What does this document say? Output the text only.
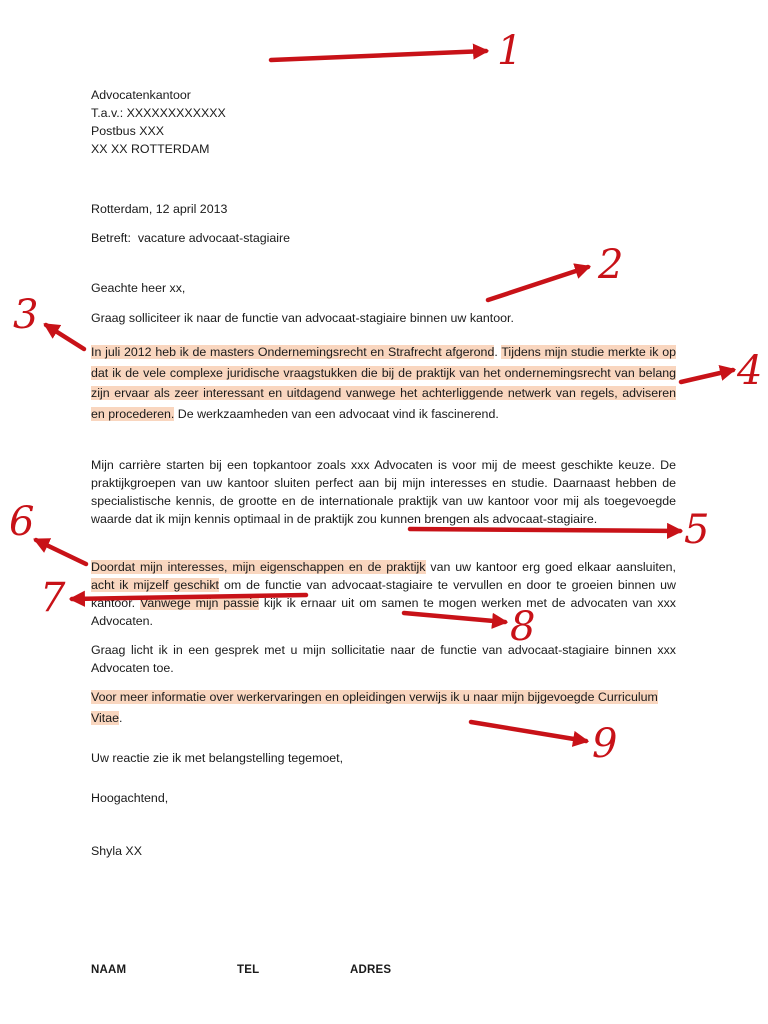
Advocatenkantoor
T.a.v.: XXXXXXXXXXXX
Postbus XXX
XX XX ROTTERDAM

Rotterdam, 12 april 2013

Betreft:  vacature advocaat-stagiaire

Geachte heer xx,

Graag solliciteer ik naar de functie van advocaat-stagiaire binnen uw kantoor.

In juli 2012 heb ik de masters Ondernemingsrecht en Strafrecht afgerond. Tijdens mijn studie merkte ik op dat ik de vele complexe juridische vraagstukken die bij de praktijk van het ondernemingsrecht van belang zijn ervaar als zeer interessant en uitdagend vanwege het achterliggende netwerk van regels, adviseren en procederen. De werkzaamheden van een advocaat vind ik fascinerend.

Mijn carrière starten bij een topkantoor zoals xxx Advocaten is voor mij de meest geschikte keuze. De praktijkgroepen van uw kantoor sluiten perfect aan bij mijn interesses en studie. Daarnaast hebben de specialistische kennis, de grootte en de internationale praktijk van uw kantoor voor mij als toegevoegde waarde dat ik mijn kennis optimaal in de praktijk zou kunnen brengen als advocaat-stagiaire.

Doordat mijn interesses, mijn eigenschappen en de praktijk van uw kantoor erg goed elkaar aansluiten, acht ik mijzelf geschikt om de functie van advocaat-stagiaire te vervullen en door te groeien binnen uw kantoor. Vanwege mijn passie kijk ik ernaar uit om samen te mogen werken met de advocaten van xxx Advocaten.

Graag licht ik in een gesprek met u mijn sollicitatie naar de functie van advocaat-stagiaire binnen xxx Advocaten toe.

Voor meer informatie over werkervaringen en opleidingen verwijs ik u naar mijn bijgevoegde Curriculum Vitae.

Uw reactie zie ik met belangstelling tegemoet,

Hoogachtend,

Shyla XX

NAAM	TEL	ADRES
1
2
3
4
5
6
7
8
9
